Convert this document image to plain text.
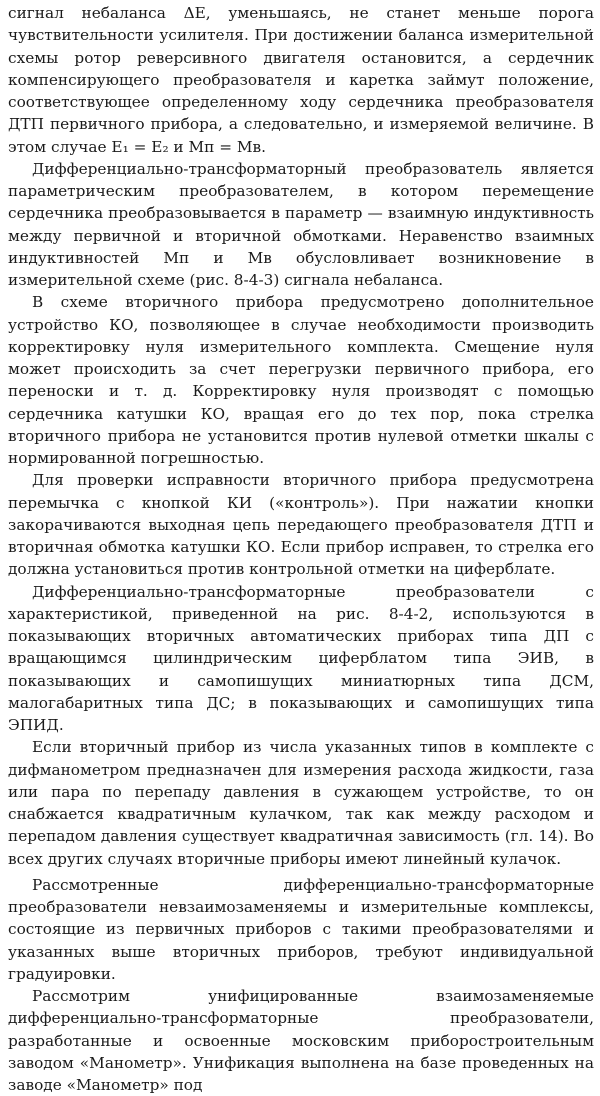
сигнал небаланса ΔE, уменьшаясь, не станет меньше порога чувствительности усилителя. При достижении баланса измерительной схемы ротор реверсивного двигателя остановится, а сердечник компенсирующего преобразователя и каретка займут положение, соответствующее определенному ходу сердечника преобразователя ДТП первичного прибора, а следовательно, и измеряемой величине. В этом случае E₁ = E₂ и Mп = Mв.

Дифференциально-трансформаторный преобразователь является параметрическим преобразователем, в котором перемещение сердечника преобразовывается в параметр — взаимную индуктивность между первичной и вторичной обмотками. Неравенство взаимных индуктивностей Mп и Mв обусловливает возникновение в измерительной схеме (рис. 8-4-3) сигнала небаланса.

В схеме вторичного прибора предусмотрено дополнительное устройство КО, позволяющее в случае необходимости производить корректировку нуля измерительного комплекта. Смещение нуля может происходить за счет перегрузки первичного прибора, его переноски и т. д. Корректировку нуля производят с помощью сердечника катушки КО, вращая его до тех пор, пока стрелка вторичного прибора не установится против нулевой отметки шкалы с нормированной погрешностью.

Для проверки исправности вторичного прибора предусмотрена перемычка с кнопкой КИ («контроль»). При нажатии кнопки закорачиваются выходная цепь передающего преобразователя ДТП и вторичная обмотка катушки КО. Если прибор исправен, то стрелка его должна установиться против контрольной отметки на циферблате.

Дифференциально-трансформаторные преобразователи с характеристикой, приведенной на рис. 8-4-2, используются в показывающих вторичных автоматических приборах типа ДП с вращающимся цилиндрическим циферблатом типа ЭИВ, в показывающих и самопишущих миниатюрных типа ДСМ, малогабаритных типа ДС; в показывающих и самопишущих типа ЭПИД.

Если вторичный прибор из числа указанных типов в комплекте с дифманометром предназначен для измерения расхода жидкости, газа или пара по перепаду давления в сужающем устройстве, то он снабжается квадратичным кулачком, так как между расходом и перепадом давления существует квадратичная зависимость (гл. 14). Во всех других случаях вторичные приборы имеют линейный кулачок.

Рассмотренные дифференциально-трансформаторные преобразователи невзаимозаменяемы и измерительные комплексы, состоящие из первичных приборов с такими преобразователями и указанных выше вторичных приборов, требуют индивидуальной градуировки.

Рассмотрим унифицированные взаимозаменяемые дифференциально-трансформаторные преобразователи, разработанные и освоенные московским приборостроительным заводом «Манометр». Унификация выполнена на базе проведенных на заводе «Манометр» под
